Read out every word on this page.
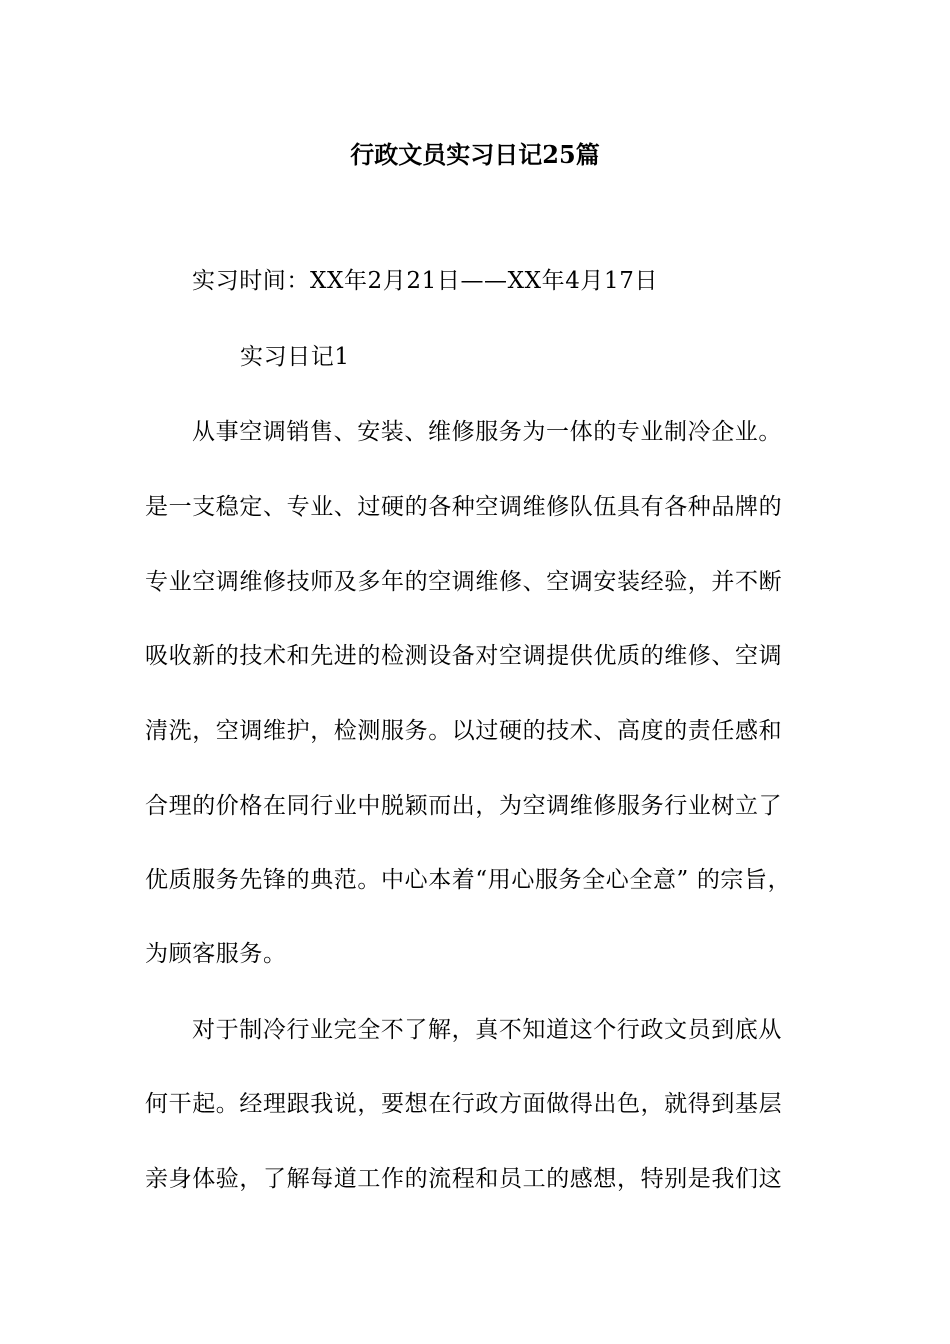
行政文员实习日记25篇
实习时间：XX年2月21日——XX年4月17日
实习日记1
从事空调销售、安装、维修服务为一体的专业制冷企业。
是一支稳定、专业、过硬的各种空调维修队伍具有各种品牌的
专业空调维修技师及多年的空调维修、空调安装经验，并不断
吸收新的技术和先进的检测设备对空调提供优质的维修、空调
清洗，空调维护，检测服务。以过硬的技术、高度的责任感和
合理的价格在同行业中脱颖而出，为空调维修服务行业树立了
优质服务先锋的典范。中心本着“用心服务全心全意” 的宗旨，
为顾客服务。
对于制冷行业完全不了解，真不知道这个行政文员到底从
何干起。经理跟我说，要想在行政方面做得出色，就得到基层
亲身体验，了解每道工作的流程和员工的感想，特别是我们这
